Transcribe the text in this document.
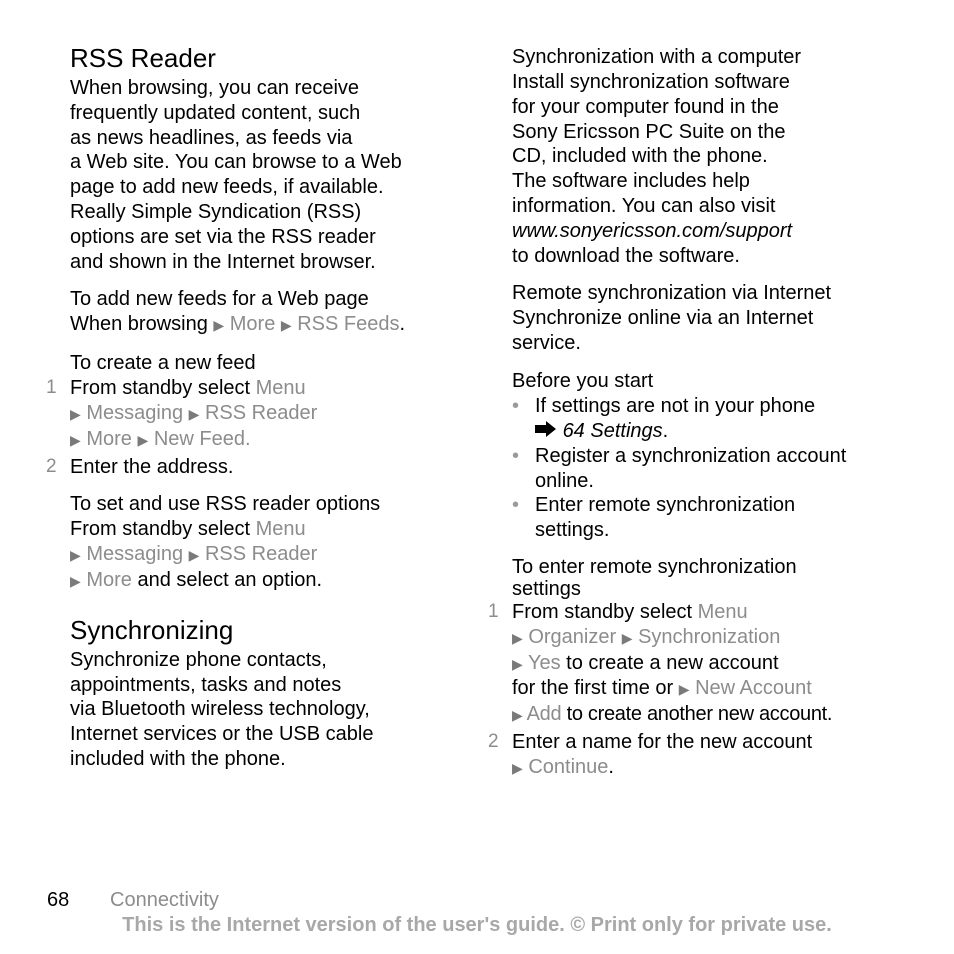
RSS Reader

When browsing, you can receive

frequently updated content, such

as news headlines, as feeds via

a Web site. You can browse to a Web

page to add new feeds, if available.

Really Simple Syndication (RSS)

options are set via the RSS reader

and shown in the Internet browser.

To add new feeds for a Web page

When browsing ▶ More ▶ RSS Feeds.

To create a new feed
1 From standby select Menu

▶ Messaging ▶ RSS Reader

▶ More ▶ New Feed.

2 Enter the address.

To set and use RSS reader options

From standby select Menu

▶ Messaging ▶ RSS Reader

▶ More and select an option.

Synchronizing

Synchronize phone contacts,

appointments, tasks and notes

via Bluetooth wireless technology,

Internet services or the USB cable

included with the phone.

Synchronization with a computer

Install synchronization software

for your computer found in the

Sony Ericsson PC Suite on the

CD, included with the phone.

The software includes help

information. You can also visit

www.sonyericsson.com/support

to download the software.

Remote synchronization via Internet

Synchronize online via an Internet

service.

Before you start
• If settings are not in your phone

64 Settings.

• Register a synchronization account

online.

• Enter remote synchronization

settings.

To enter remote synchronization
settings
1 From standby select Menu

▶ Organizer ▶ Synchronization

▶ Yes to create a new account

for the first time or ▶ New Account

▶ Add to create another new account.

2 Enter a name for the new account

▶ Continue.

68 Connectivity
This is the Internet version of the user's guide. © Print only for private use.
